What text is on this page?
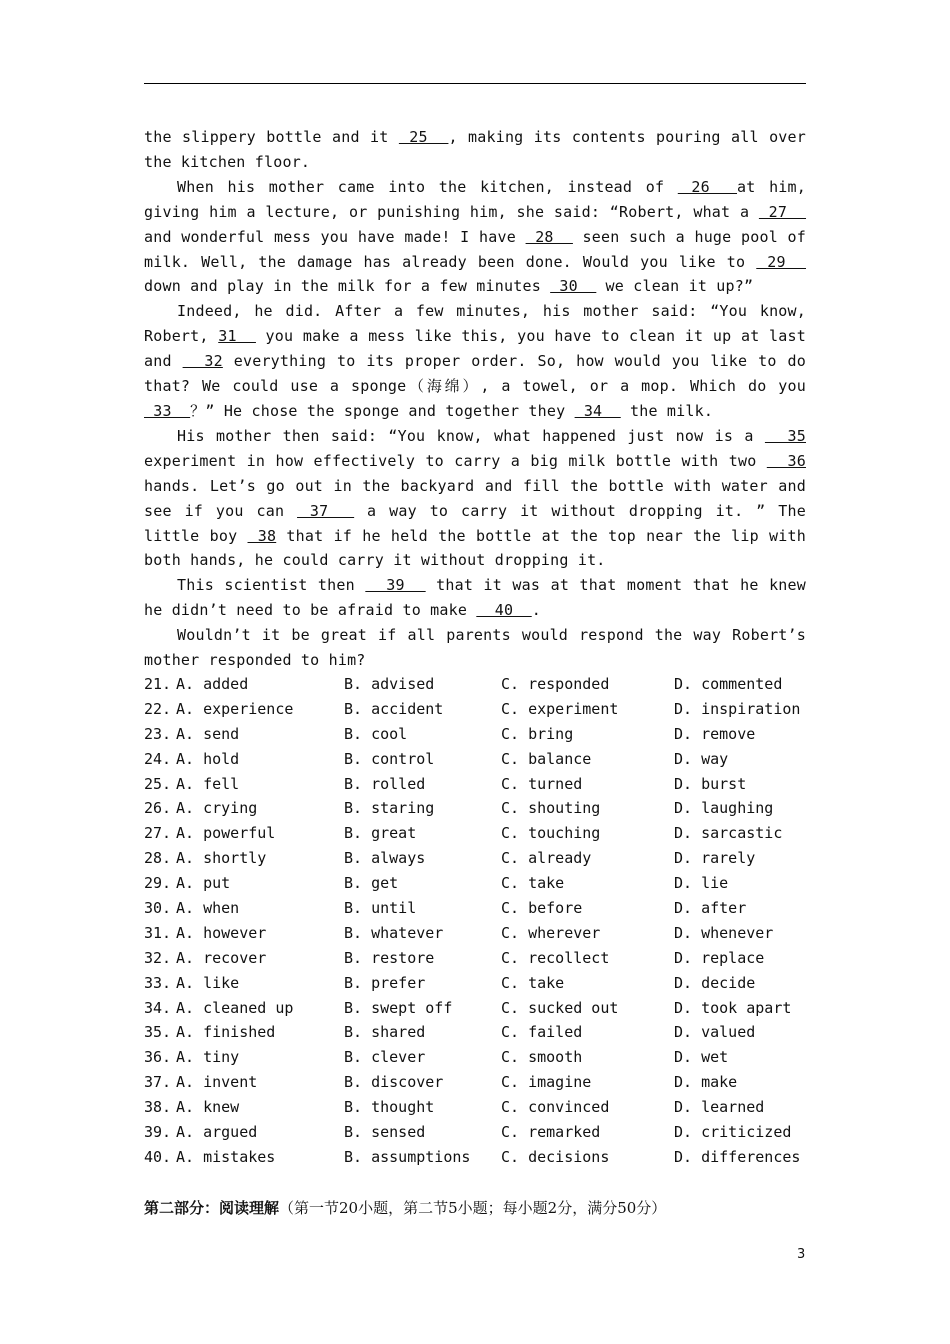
the slippery bottle and it  25  , making its contents pouring all over the kitchen floor.

When his mother came into the kitchen, instead of  26  at him, giving him a lecture, or punishing him, she said: “Robert, what a  27   and wonderful mess you have made! I have  28   seen such a huge pool of milk. Well, the damage has already been done. Would you like to  29   down and play in the milk for a few minutes  30   we clean it up?”

Indeed, he did. After a few minutes, his mother said: “You know, Robert, 31   you make a mess like this, you have to clean it up at last and   32 everything to its proper order. So, how would you like to do that? We could use a sponge（海绵）, a towel, or a mop. Which do you  33  ？” He chose the sponge and together they  34   the milk.

His mother then said: “You know, what happened just now is a   35 experiment in how effectively to carry a big milk bottle with two   36 hands. Let’s go out in the backyard and fill the bottle with water and see if you can  37   a way to carry it without dropping it. ” The little boy  38 that if he held the bottle at the top near the lip with both hands, he could carry it without dropping it.

This scientist then   39   that it was at that moment that he knew he didn’t need to be afraid to make   40  .

Wouldn’t it be great if all parents would respond the way Robert’s mother responded to him?

21. A. added	B. advised	C. responded	D. commented
22. A. experience	B. accident	C. experiment	D. inspiration
23. A. send	B. cool	C. bring	D. remove
24. A. hold	B. control	C. balance	D. way
25. A. fell	B. rolled	C. turned	D. burst
26. A. crying	B. staring	C. shouting	D. laughing
27. A. powerful	B. great	C. touching	D. sarcastic
28. A. shortly	B. always	C. already	D. rarely
29. A. put	B. get	C. take	D. lie
30. A. when	B. until	C. before	D. after
31. A. however	B. whatever	C. wherever	D. whenever
32. A. recover	B. restore	C. recollect	D. replace
33. A. like	B. prefer	C. take	D. decide
34. A. cleaned up	B. swept off	C. sucked out	D. took apart
35. A. finished	B. shared	C. failed	D. valued
36. A. tiny	B. clever	C. smooth	D. wet
37. A. invent	B. discover	C. imagine	D. make
38. A. knew	B. thought	C. convinced	D. learned
39. A. argued	B. sensed	C. remarked	D. criticized
40. A. mistakes	B. assumptions C. decisions	D. differences
第二部分：阅读理解（第一节20小题，第二节5小题；每小题2分，满分50分）
3
